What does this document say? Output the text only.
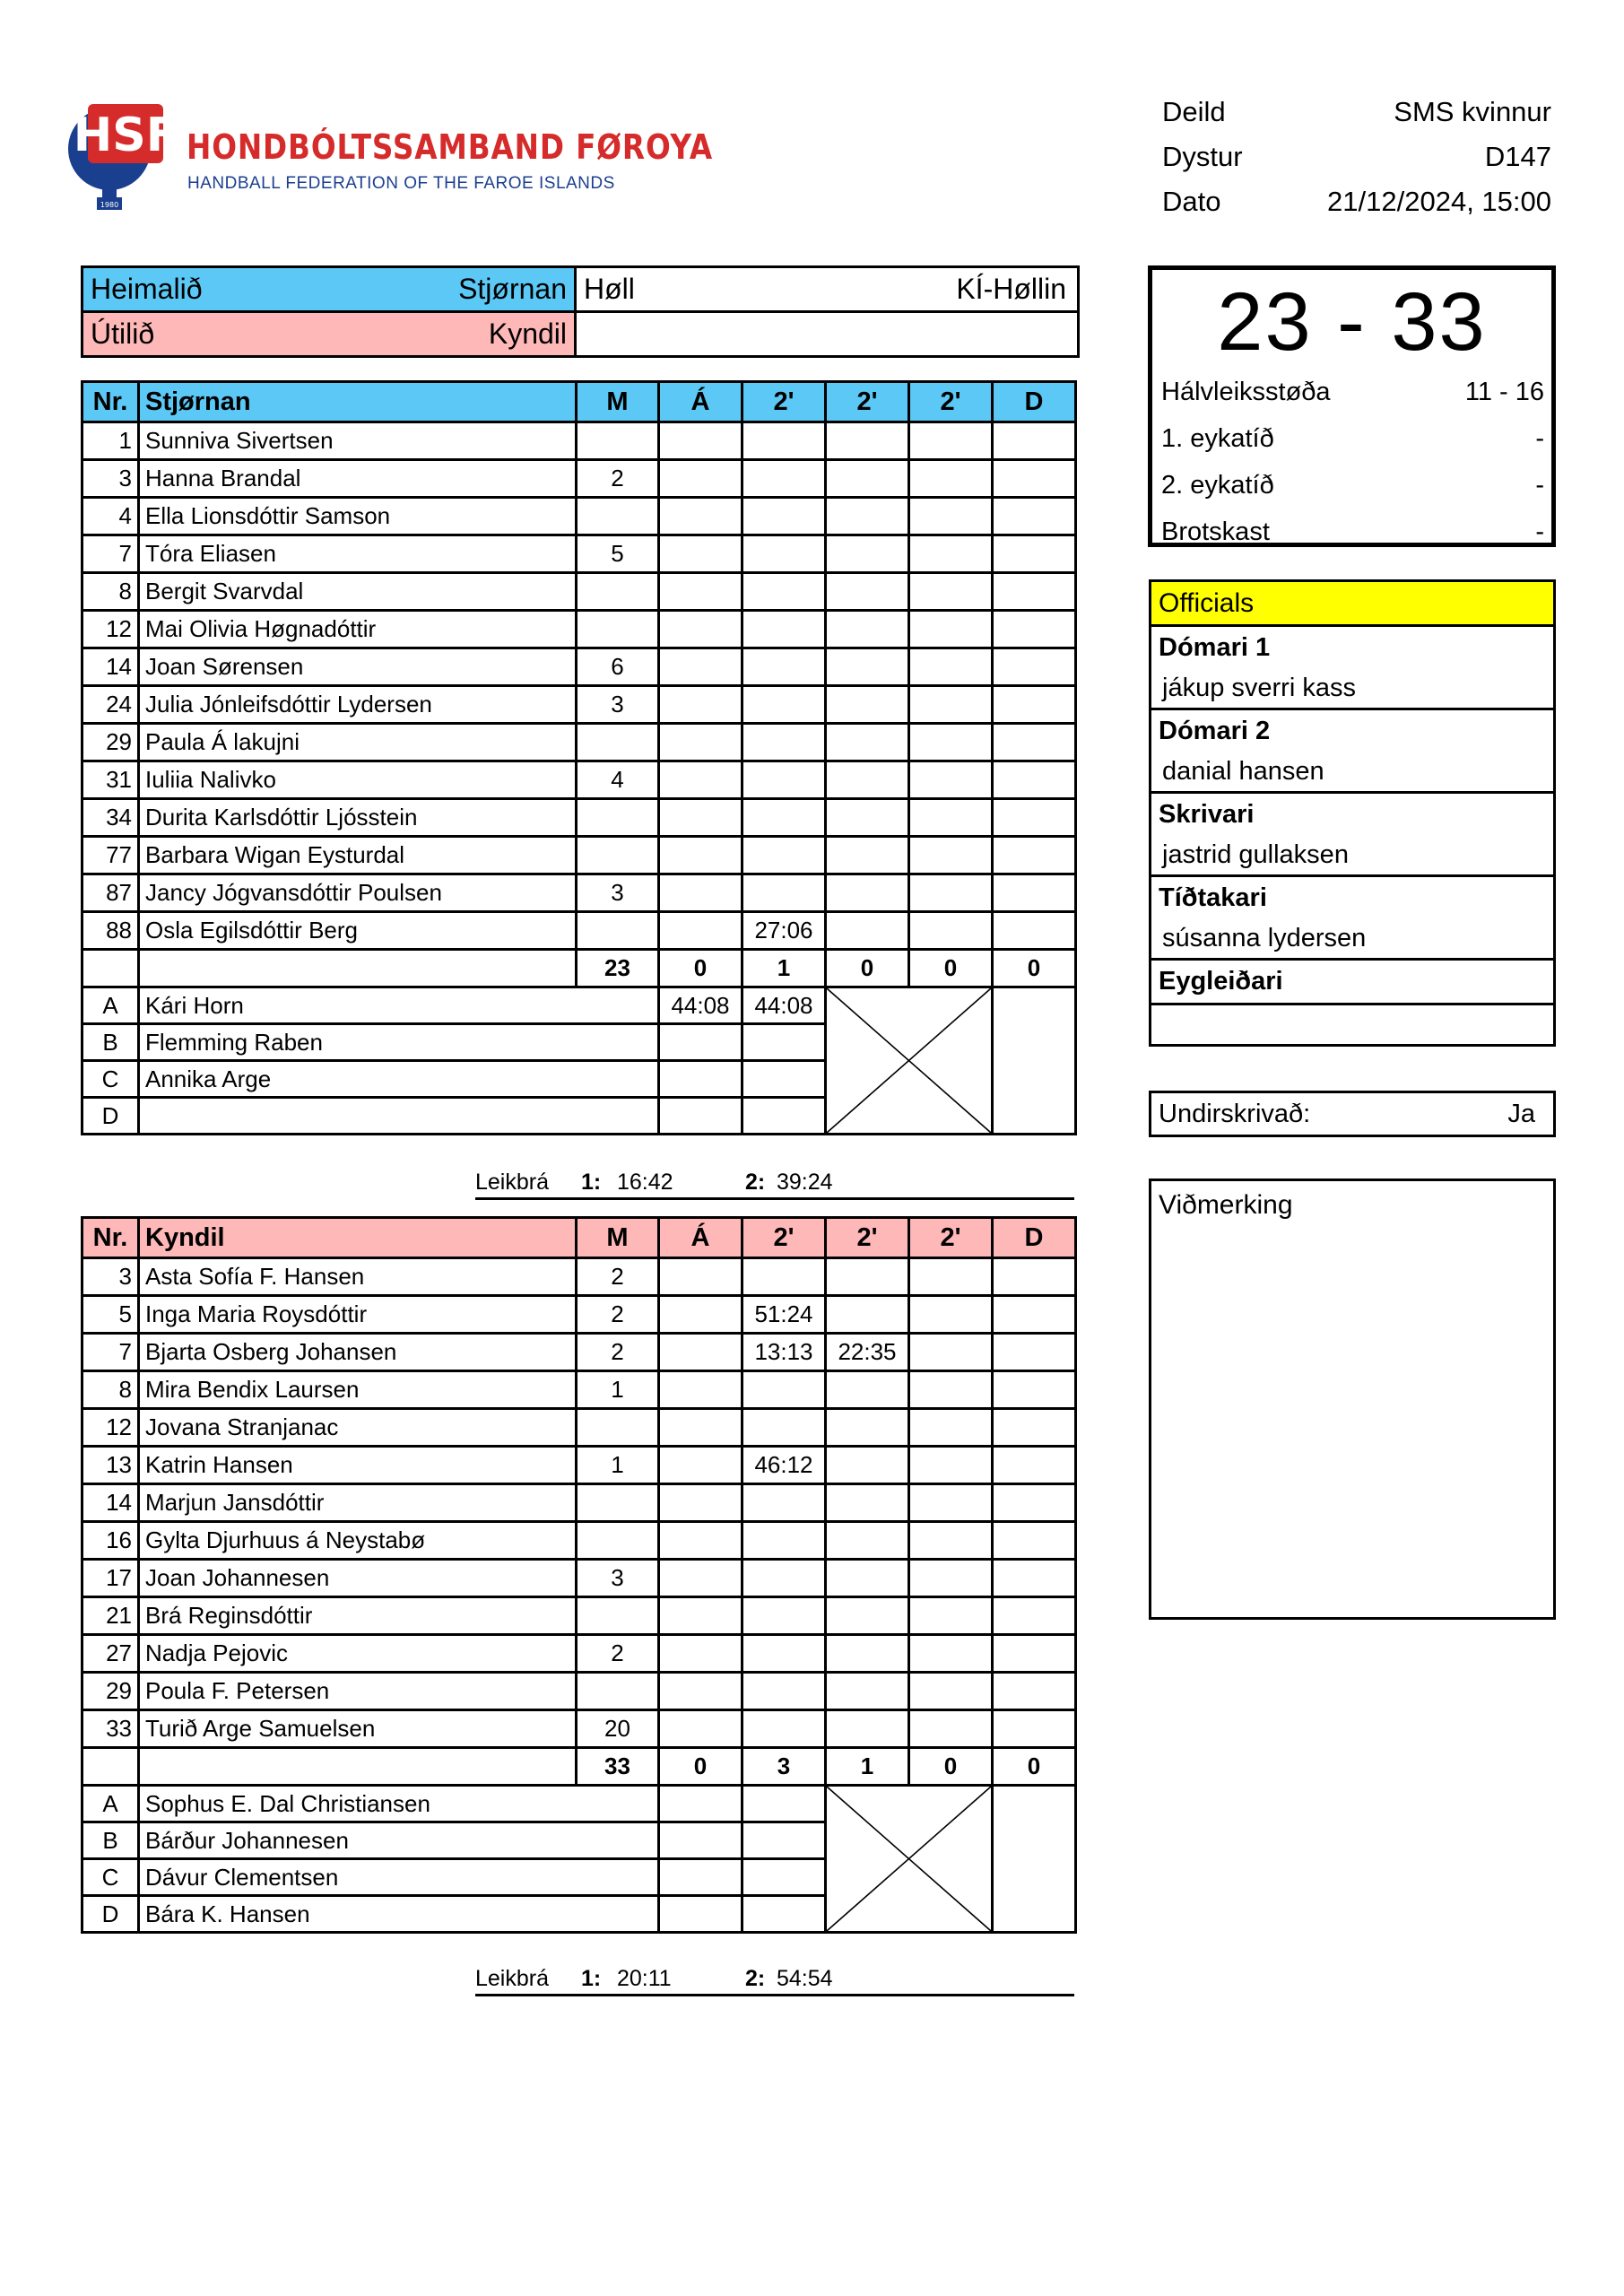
HSF
1980
HONDBÓLTSSAMBAND FØROYA
HANDBALL FEDERATION OF THE FAROE ISLANDS
Deild	SMS kvinnur
Dystur	D147
Dato	21/12/2024, 15:00
Heimalið	Stjørnan Høll	KÍ-Høllin
Útilið	Kyndil
Nr.	Stjørnan	M	Á	2'	2'	2'	D
1	Sunniva Sivertsen						
3	Hanna Brandal	2					
4	Ella Lionsdóttir Samson						
7	Tóra Eliasen	5					
8	Bergit Svarvdal						
12	Mai Olivia Høgnadóttir						
14	Joan Sørensen	6					
24	Julia Jónleifsdóttir Lydersen	3					
29	Paula Á lakujni						
31	Iuliia Nalivko	4					
34	Durita Karlsdóttir Ljósstein						
77	Barbara Wigan Eysturdal						
87	Jancy Jógvansdóttir Poulsen	3					
88	Osla Egilsdóttir Berg			27:06			
		23	0	1	0	0	0
A	Kári Horn		44:08	44:08	

B	Flemming Raben						
C	Annika Arge						
D							
Leikbrá 1: 16:42	2: 39:24
Nr.	Kyndil	M	Á	2'	2'	2'	D
3	Asta Sofía F. Hansen	2					
5	Inga Maria Roysdóttir	2		51:24			
7	Bjarta Osberg Johansen	2		13:13	22:35		
8	Mira Bendix Laursen	1					
12	Jovana Stranjanac						
13	Katrin Hansen	1		46:12			
14	Marjun Jansdóttir						
16	Gylta Djurhuus á Neystabø						
17	Joan Johannesen	3					
21	Brá Reginsdóttir						
27	Nadja Pejovic	2					
29	Poula F. Petersen						
33	Turið Arge Samuelsen	20					
		33	0	3	1	0	0
A	Sophus E. Dal Christiansen			

B	Bárður Johannesen						
C	Dávur Clementsen						
D	Bára K. Hansen						
Leikbrá 1: 20:11	2: 54:54
23 - 33
Hálvleiksstøða	11 - 16
1. eykatíð	-
2. eykatíð	-
Brotskast	-
Officials
Dómari 1
jákup sverri kass
Dómari 2
danial hansen
Skrivari
jastrid gullaksen
Tíðtakari
súsanna lydersen
Eygleiðari
Undirskrivað:	Ja
Viðmerking
